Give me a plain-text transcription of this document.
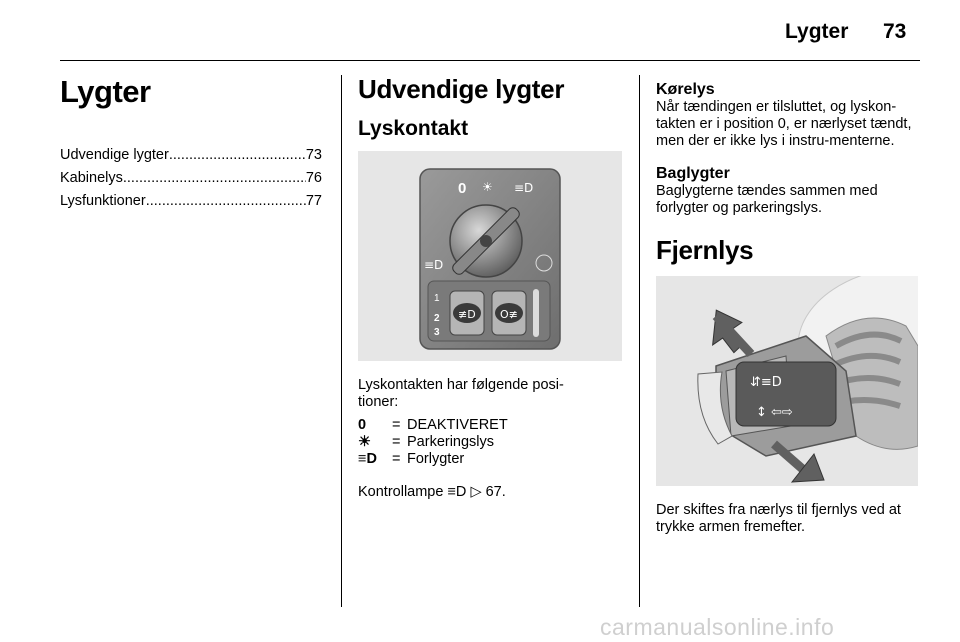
Lygter 73
Lygter
Udvendige lygter .....	73
Kabinelys .....	76
Lysfunktioner .....	77
Udvendige lygter
Lyskontakt
0 ☀ ≡D
≡D
1
2
3
≢D O≢

Lyskontakten har følgende posi-tioner:

0	= DEAKTIVERET
☀	= Parkeringslys
≡D	= Forlygter

Kontrollampe ≡D ▷ 67.

Kørelys

Når tændingen er tilsluttet, og lyskon-takten er i position 0, er nærlyset tændt, men der er ikke lys i instru-menterne.

Baglygter

Baglygterne tændes sammen med forlygter og parkeringslys.

Fjernlys
⇵≡D
↕ ⇦⇨

Der skiftes fra nærlys til fjernlys ved at trykke armen fremefter.

carmanualsonline.info
